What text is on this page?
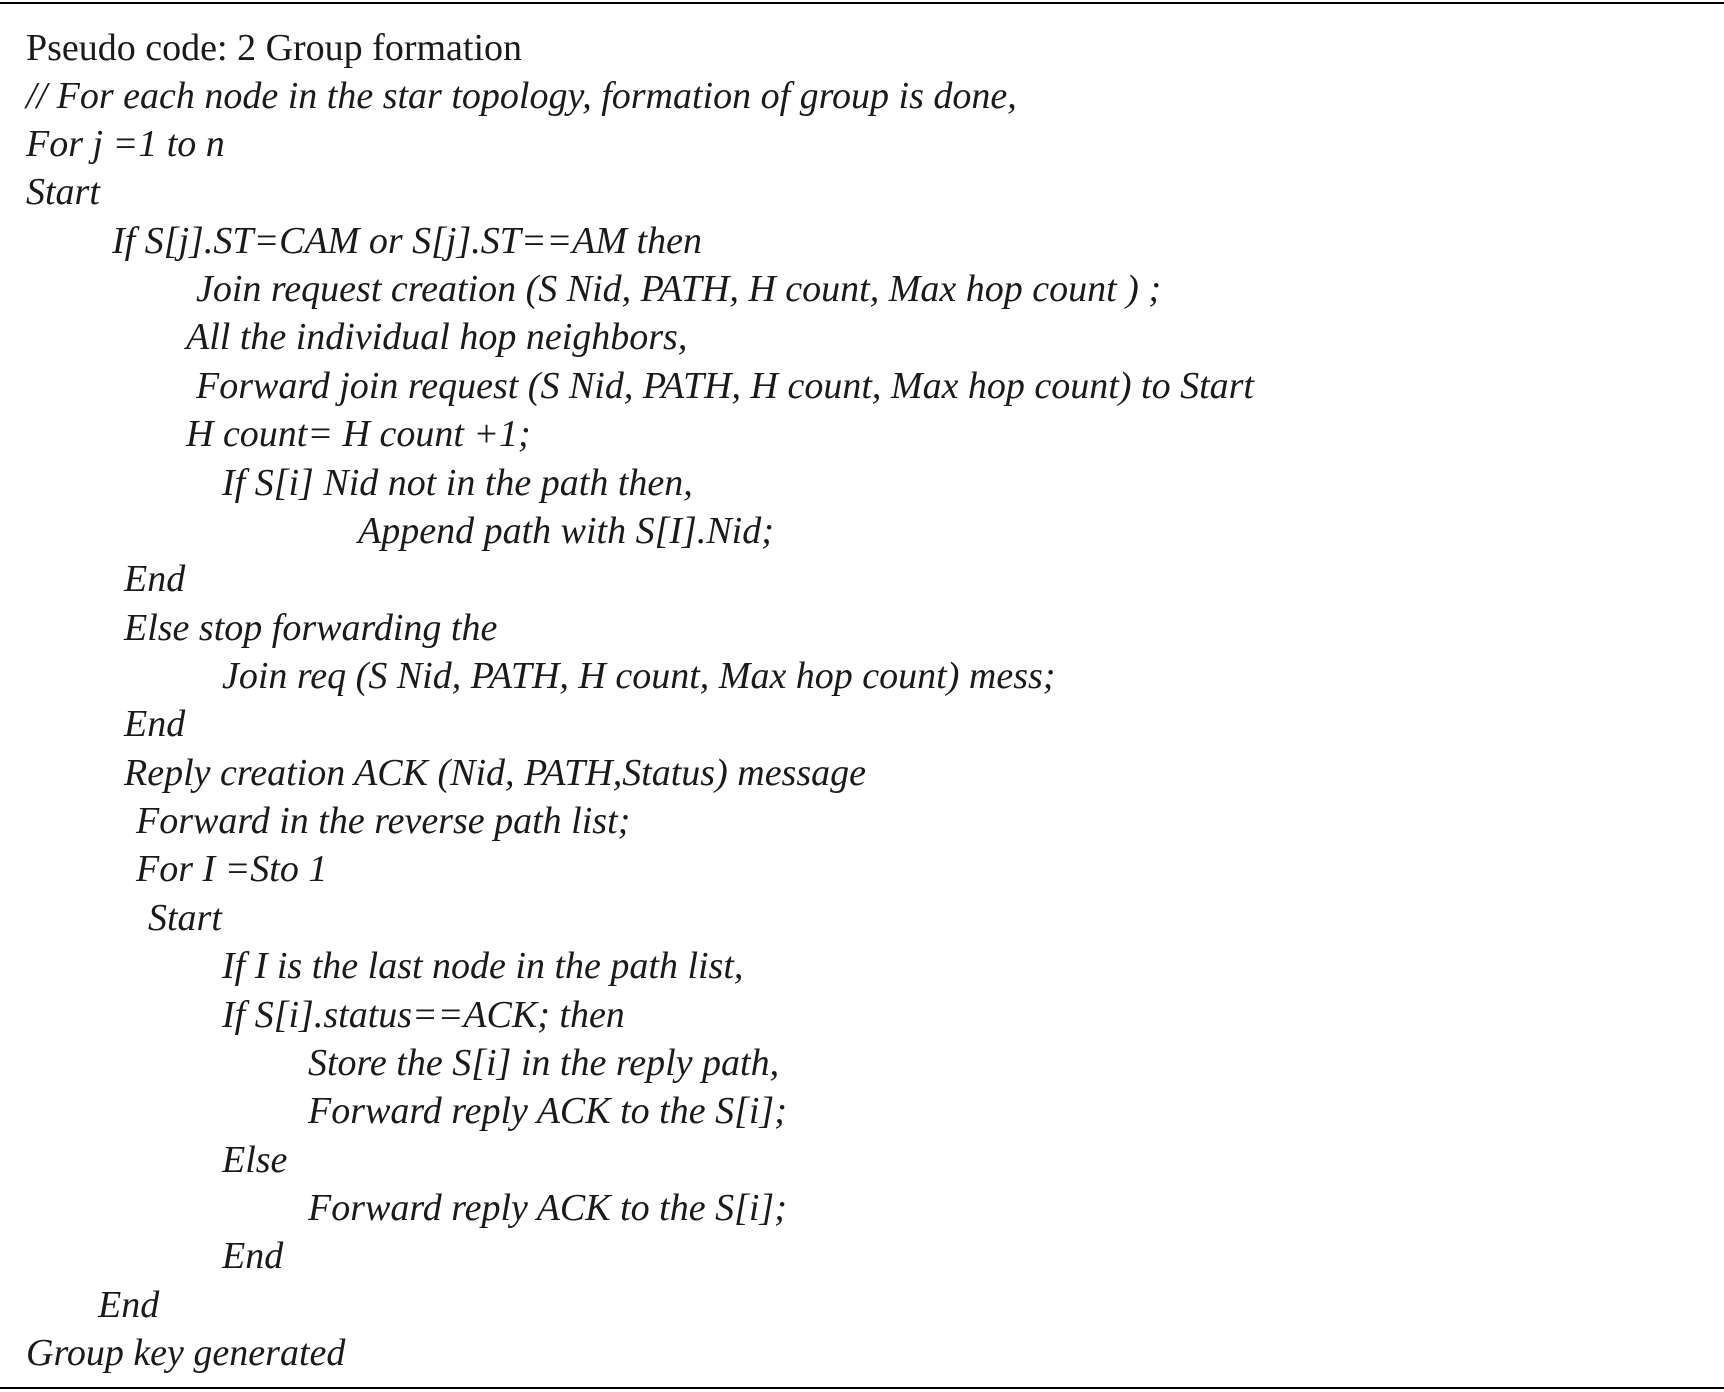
Pseudo code: 2 Group formation
// For each node in the star topology, formation of group is done,
For j =1 to n
Start
If S[j].ST=CAM or S[j].ST==AM then
Join request creation (S Nid, PATH, H count, Max hop count ) ;
All the individual hop neighbors,
Forward join request (S Nid, PATH, H count, Max hop count) to Start
H count= H count +1;
If S[i] Nid not in the path then,
Append path with S[I].Nid;
End
Else stop forwarding the
Join req (S Nid, PATH, H count, Max hop count) mess;
End
Reply creation ACK (Nid, PATH,Status) message
Forward in the reverse path list;
For I =Sto 1
Start
If I is the last node in the path list,
If S[i].status==ACK; then
Store the S[i] in the reply path,
Forward reply ACK to the S[i];
Else
Forward reply ACK to the S[i];
End
End
Group key generated
